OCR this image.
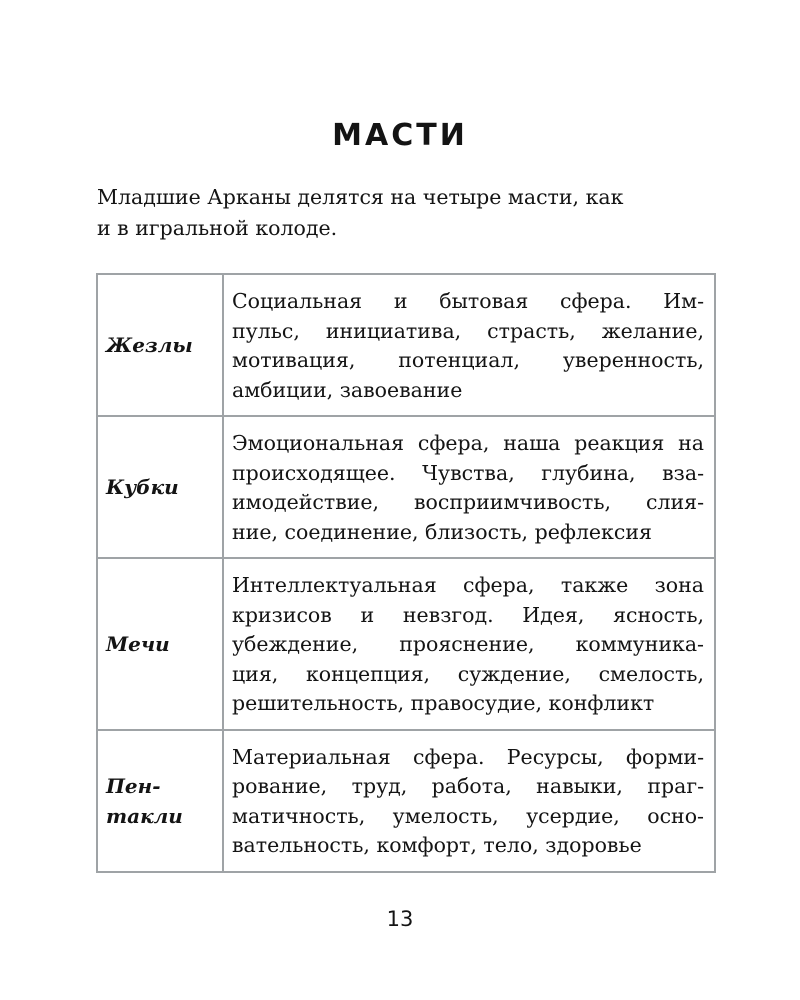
МАСТИ

Младшие Арканы делятся на четыре масти, как
и в игральной колоде.

Жезлы	Социальная и бытовая сфера. Им-
пульс, инициатива, страсть, желание,
мотивация, потенциал, уверенность,
амбиции, завоевание

Кубки	Эмоциональная сфера, наша реакция на
происходящее. Чувства, глубина, вза-
имодействие, восприимчивость, слия-
ние, соединение, близость, рефлексия

Мечи	Интеллектуальная сфера, также зона
кризисов и невзгод. Идея, ясность,
убеждение, прояснение, коммуника-
ция, концепция, суждение, смелость,
решительность, правосудие, конфликт

Пен-
такли	Материальная сфера. Ресурсы, форми-
рование, труд, работа, навыки, праг-
матичность, умелость, усердие, осно-
вательность, комфорт, тело, здоровье
13
